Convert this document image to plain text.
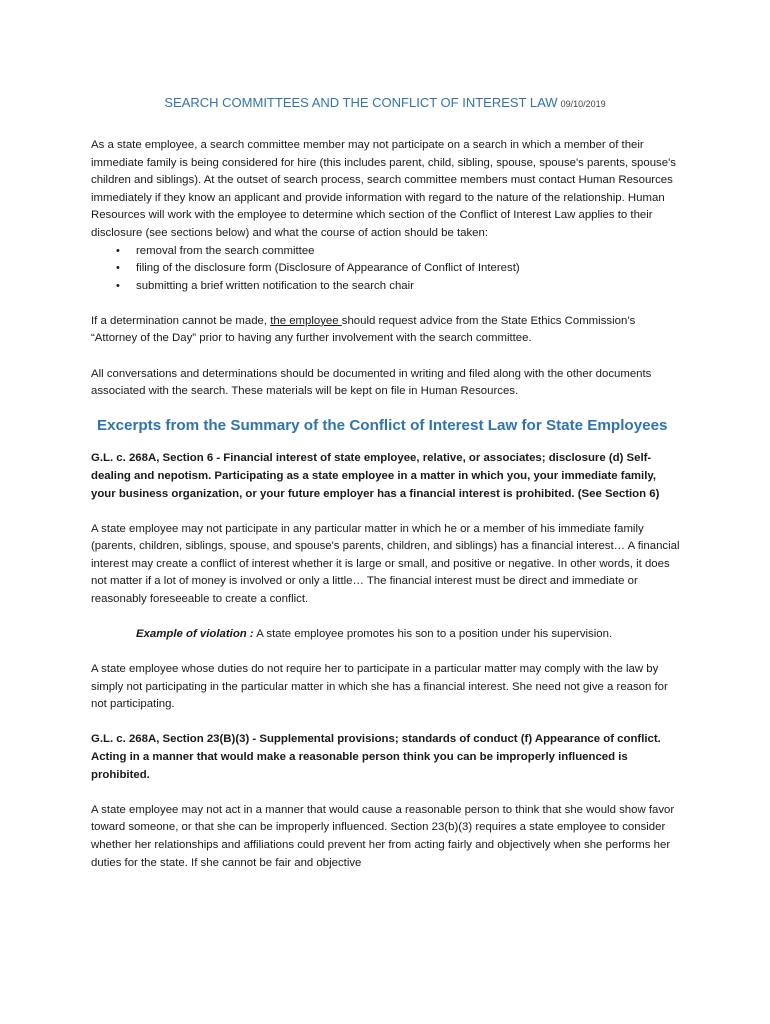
SEARCH COMMITTEES AND THE CONFLICT OF INTEREST LAW 09/10/2019

As a state employee, a search committee member may not participate on a search in which a member of their immediate family is being considered for hire (this includes parent, child, sibling, spouse, spouse's parents, spouse's children and siblings). At the outset of search process, search committee members must contact Human Resources immediately if they know an applicant and provide information with regard to the nature of the relationship. Human Resources will work with the employee to determine which section of the Conflict of Interest Law applies to their disclosure (see sections below) and what the course of action should be taken:

• removal from the search committee
• filing of the disclosure form (Disclosure of Appearance of Conflict of Interest)
• submitting a brief written notification to the search chair

If a determination cannot be made, the employee should request advice from the State Ethics Commission’s “Attorney of the Day” prior to having any further involvement with the search committee.

All conversations and determinations should be documented in writing and filed along with the other documents associated with the search. These materials will be kept on file in Human Resources.

Excerpts from the Summary of the Conflict of Interest Law for State Employees

G.L. c. 268A, Section 6 - Financial interest of state employee, relative, or associates; disclosure (d) Self-dealing and nepotism. Participating as a state employee in a matter in which you, your immediate family, your business organization, or your future employer has a financial interest is prohibited. (See Section 6)

A state employee may not participate in any particular matter in which he or a member of his immediate family (parents, children, siblings, spouse, and spouse's parents, children, and siblings) has a financial interest… A financial interest may create a conflict of interest whether it is large or small, and positive or negative. In other words, it does not matter if a lot of money is involved or only a little… The financial interest must be direct and immediate or reasonably foreseeable to create a conflict.

Example of violation : A state employee promotes his son to a position under his supervision.

A state employee whose duties do not require her to participate in a particular matter may comply with the law by simply not participating in the particular matter in which she has a financial interest. She need not give a reason for not participating.

G.L. c. 268A, Section 23(B)(3) - Supplemental provisions; standards of conduct (f) Appearance of conflict. Acting in a manner that would make a reasonable person think you can be improperly influenced is prohibited.

A state employee may not act in a manner that would cause a reasonable person to think that she would show favor toward someone, or that she can be improperly influenced. Section 23(b)(3) requires a state employee to consider whether her relationships and affiliations could prevent her from acting fairly and objectively when she performs her duties for the state. If she cannot be fair and objective
